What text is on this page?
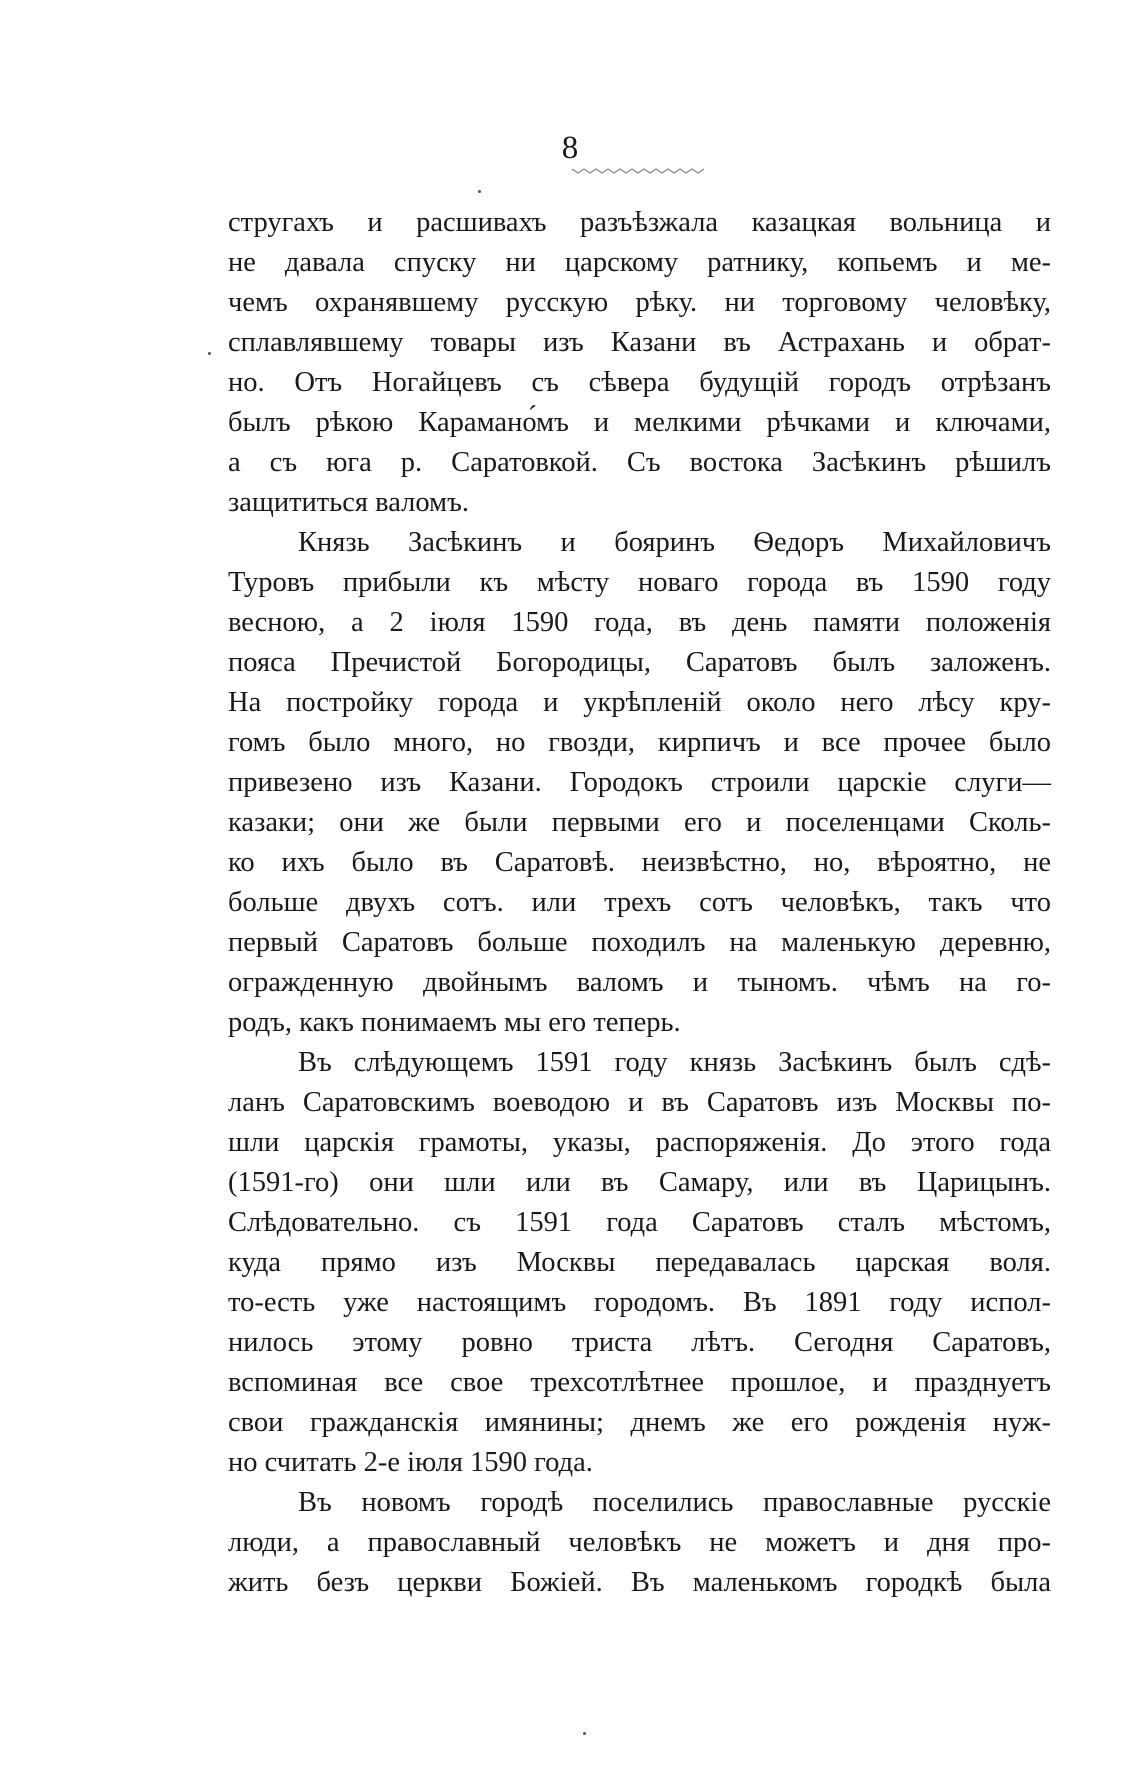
8
стругахъ и расшивахъ разъѣзжала казацкая вольница и
не давала спуску ни царскому ратнику, копьемъ и ме-
чемъ охранявшему русскую рѣку. ни торговому человѣку,
сплавлявшему товары изъ Казани въ Астрахань и обрат-
но. Отъ Ногайцевъ съ сѣвера будущій городъ отрѣзанъ
былъ рѣкою Карамано́мъ и мелкими рѣчками и ключами,
а съ юга р. Саратовкой. Съ востока Засѣкинъ рѣшилъ
защититься валомъ.
Князь Засѣкинъ и бояринъ Ѳедоръ Михайловичъ
Туровъ прибыли къ мѣсту новаго города въ 1590 году
весною, а 2 іюля 1590 года, въ день памяти положенія
пояса Пречистой Богородицы, Саратовъ былъ заложенъ.
На постройку города и укрѣпленій около него лѣсу кру-
гомъ было много, но гвозди, кирпичъ и все прочее было
привезено изъ Казани. Городокъ строили царскіе слуги—
казаки; они же были первыми его и поселенцами Сколь-
ко ихъ было въ Саратовѣ. неизвѣстно, но, вѣроятно, не
больше двухъ сотъ. или трехъ сотъ человѣкъ, такъ что
первый Саратовъ больше походилъ на маленькую деревню,
огражденную двойнымъ валомъ и тыномъ. чѣмъ на го-
родъ, какъ понимаемъ мы его теперь.
Въ слѣдующемъ 1591 году князь Засѣкинъ былъ сдѣ-
ланъ Саратовскимъ воеводою и въ Саратовъ изъ Москвы по-
шли царскія грамоты, указы, распоряженія. До этого года
(1591-го) они шли или въ Самару, или въ Царицынъ.
Слѣдовательно. съ 1591 года Саратовъ сталъ мѣстомъ,
куда прямо изъ Москвы передавалась царская воля.
то-есть уже настоящимъ городомъ. Въ 1891 году испол-
нилось этому ровно триста лѣтъ. Сегодня Саратовъ,
вспоминая все свое трехсотлѣтнее прошлое, и празднуетъ
свои гражданскія имянины; днемъ же его рожденія нуж-
но считать 2-е іюля 1590 года.
Въ новомъ городѣ поселились православные русскіе
люди, а православный человѣкъ не можетъ и дня про-
жить безъ церкви Божіей. Въ маленькомъ городкѣ была
